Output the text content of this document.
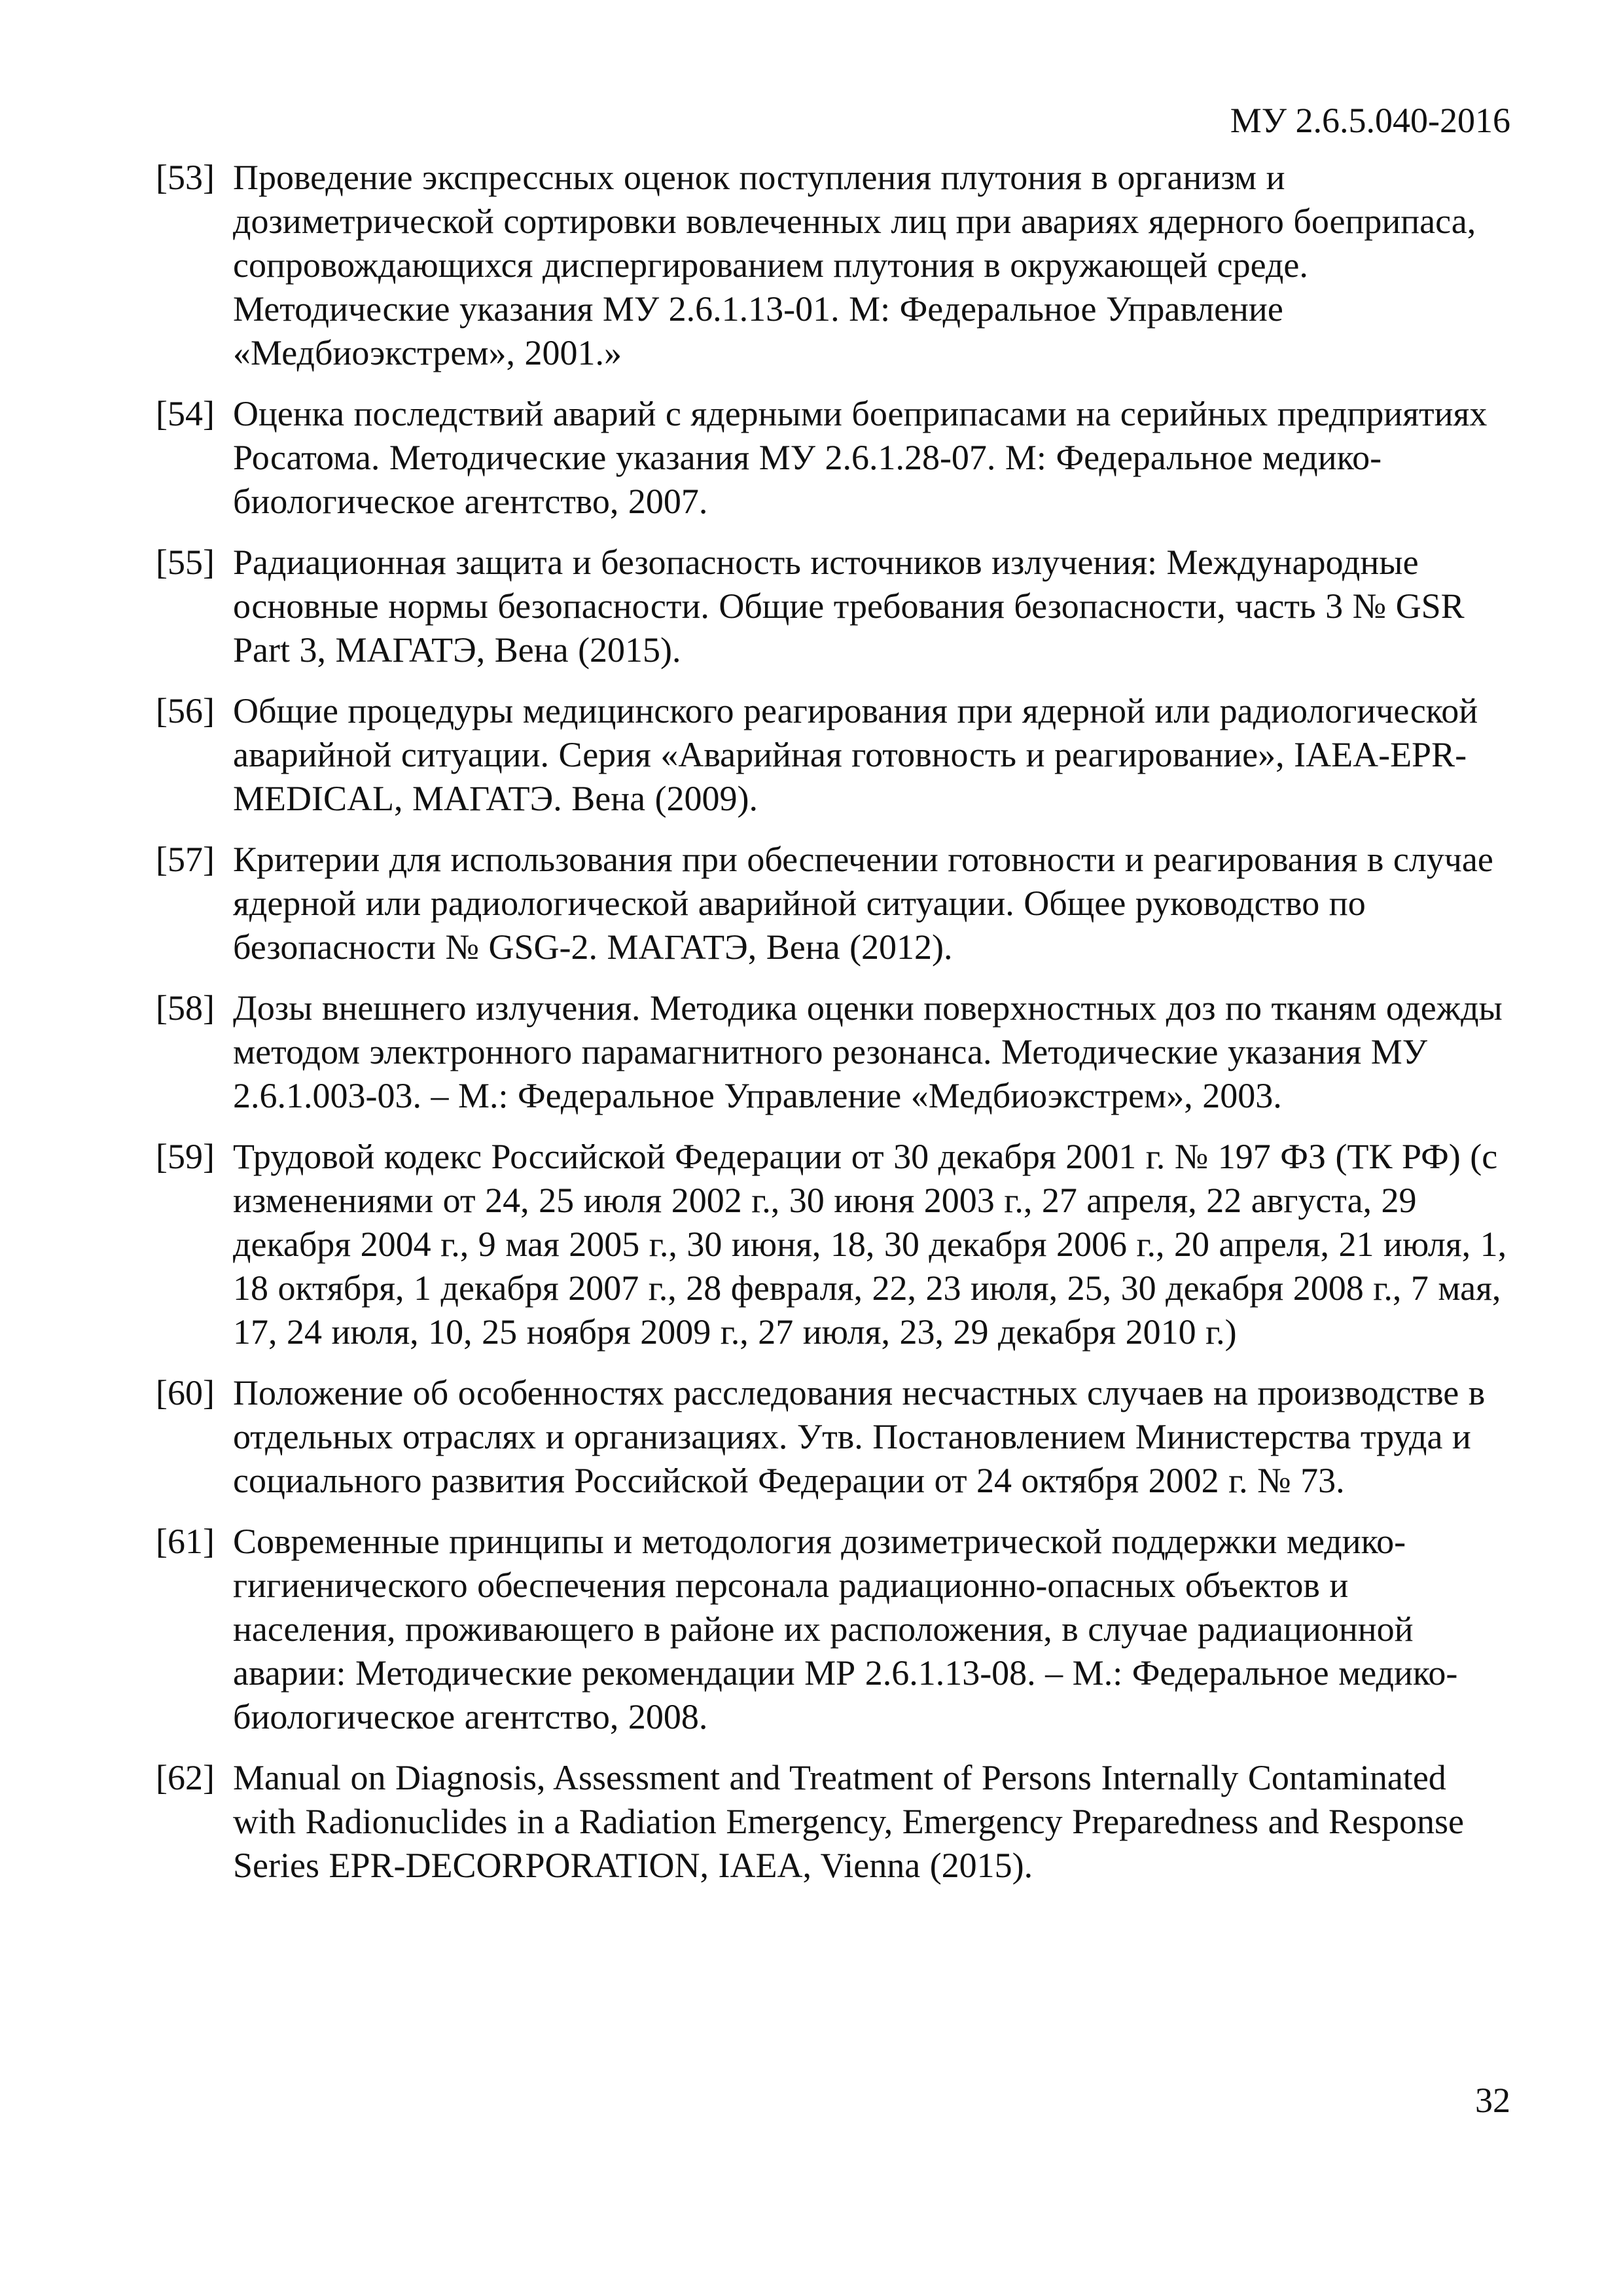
МУ 2.6.5.040-2016
[53] Проведение экспрессных оценок поступления плутония в организм и дозиметрической сортировки вовлеченных лиц при авариях ядерного боеприпаса, сопровождающихся диспергированием плутония в окружающей среде. Методические указания МУ 2.6.1.13-01. М: Федеральное Управление «Медбиоэкстрем», 2001.»
[54] Оценка последствий аварий с ядерными боеприпасами на серийных предприятиях Росатома. Методические указания МУ 2.6.1.28-07. М: Федеральное медико-биологическое агентство, 2007.
[55] Радиационная защита и безопасность источников излучения: Международные основные нормы безопасности. Общие требования безопасности, часть 3 № GSR Part 3, МАГАТЭ, Вена (2015).
[56] Общие процедуры медицинского реагирования при ядерной или радиологической аварийной ситуации. Серия «Аварийная готовность и реагирование», IAEA-EPR-MEDICAL, МАГАТЭ. Вена (2009).
[57] Критерии для использования при обеспечении готовности и реагирования в случае ядерной или радиологической аварийной ситуации. Общее руководство по безопасности № GSG-2. МАГАТЭ, Вена (2012).
[58] Дозы внешнего излучения. Методика оценки поверхностных доз по тканям одежды методом электронного парамагнитного резонанса. Методические указания МУ 2.6.1.003-03. – М.: Федеральное Управление «Медбиоэкстрем», 2003.
[59] Трудовой кодекс Российской Федерации от 30 декабря 2001 г. № 197 ФЗ (ТК РФ) (с изменениями от 24, 25 июля 2002 г., 30 июня 2003 г., 27 апреля, 22 августа, 29 декабря 2004 г., 9 мая 2005 г., 30 июня, 18, 30 декабря 2006 г., 20 апреля, 21 июля, 1, 18 октября, 1 декабря 2007 г., 28 февраля, 22, 23 июля, 25, 30 декабря 2008 г., 7 мая, 17, 24 июля, 10, 25 ноября 2009 г., 27 июля, 23, 29 декабря 2010 г.)
[60] Положение об особенностях расследования несчастных случаев на производстве в отдельных отраслях и организациях. Утв. Постановлением Министерства труда и социального развития Российской Федерации от 24 октября 2002 г. № 73.
[61] Современные принципы и методология дозиметрической поддержки медико-гигиенического обеспечения персонала радиационно-опасных объектов и населения, проживающего в районе их расположения, в случае радиационной аварии: Методические рекомендации МР 2.6.1.13-08. – М.: Федеральное медико-биологическое агентство, 2008.
[62] Manual on Diagnosis, Assessment and Treatment of Persons Internally Contaminated with Radionuclides in a Radiation Emergency, Emergency Preparedness and Response Series EPR-DECORPORATION, IAEA, Vienna (2015).
32
